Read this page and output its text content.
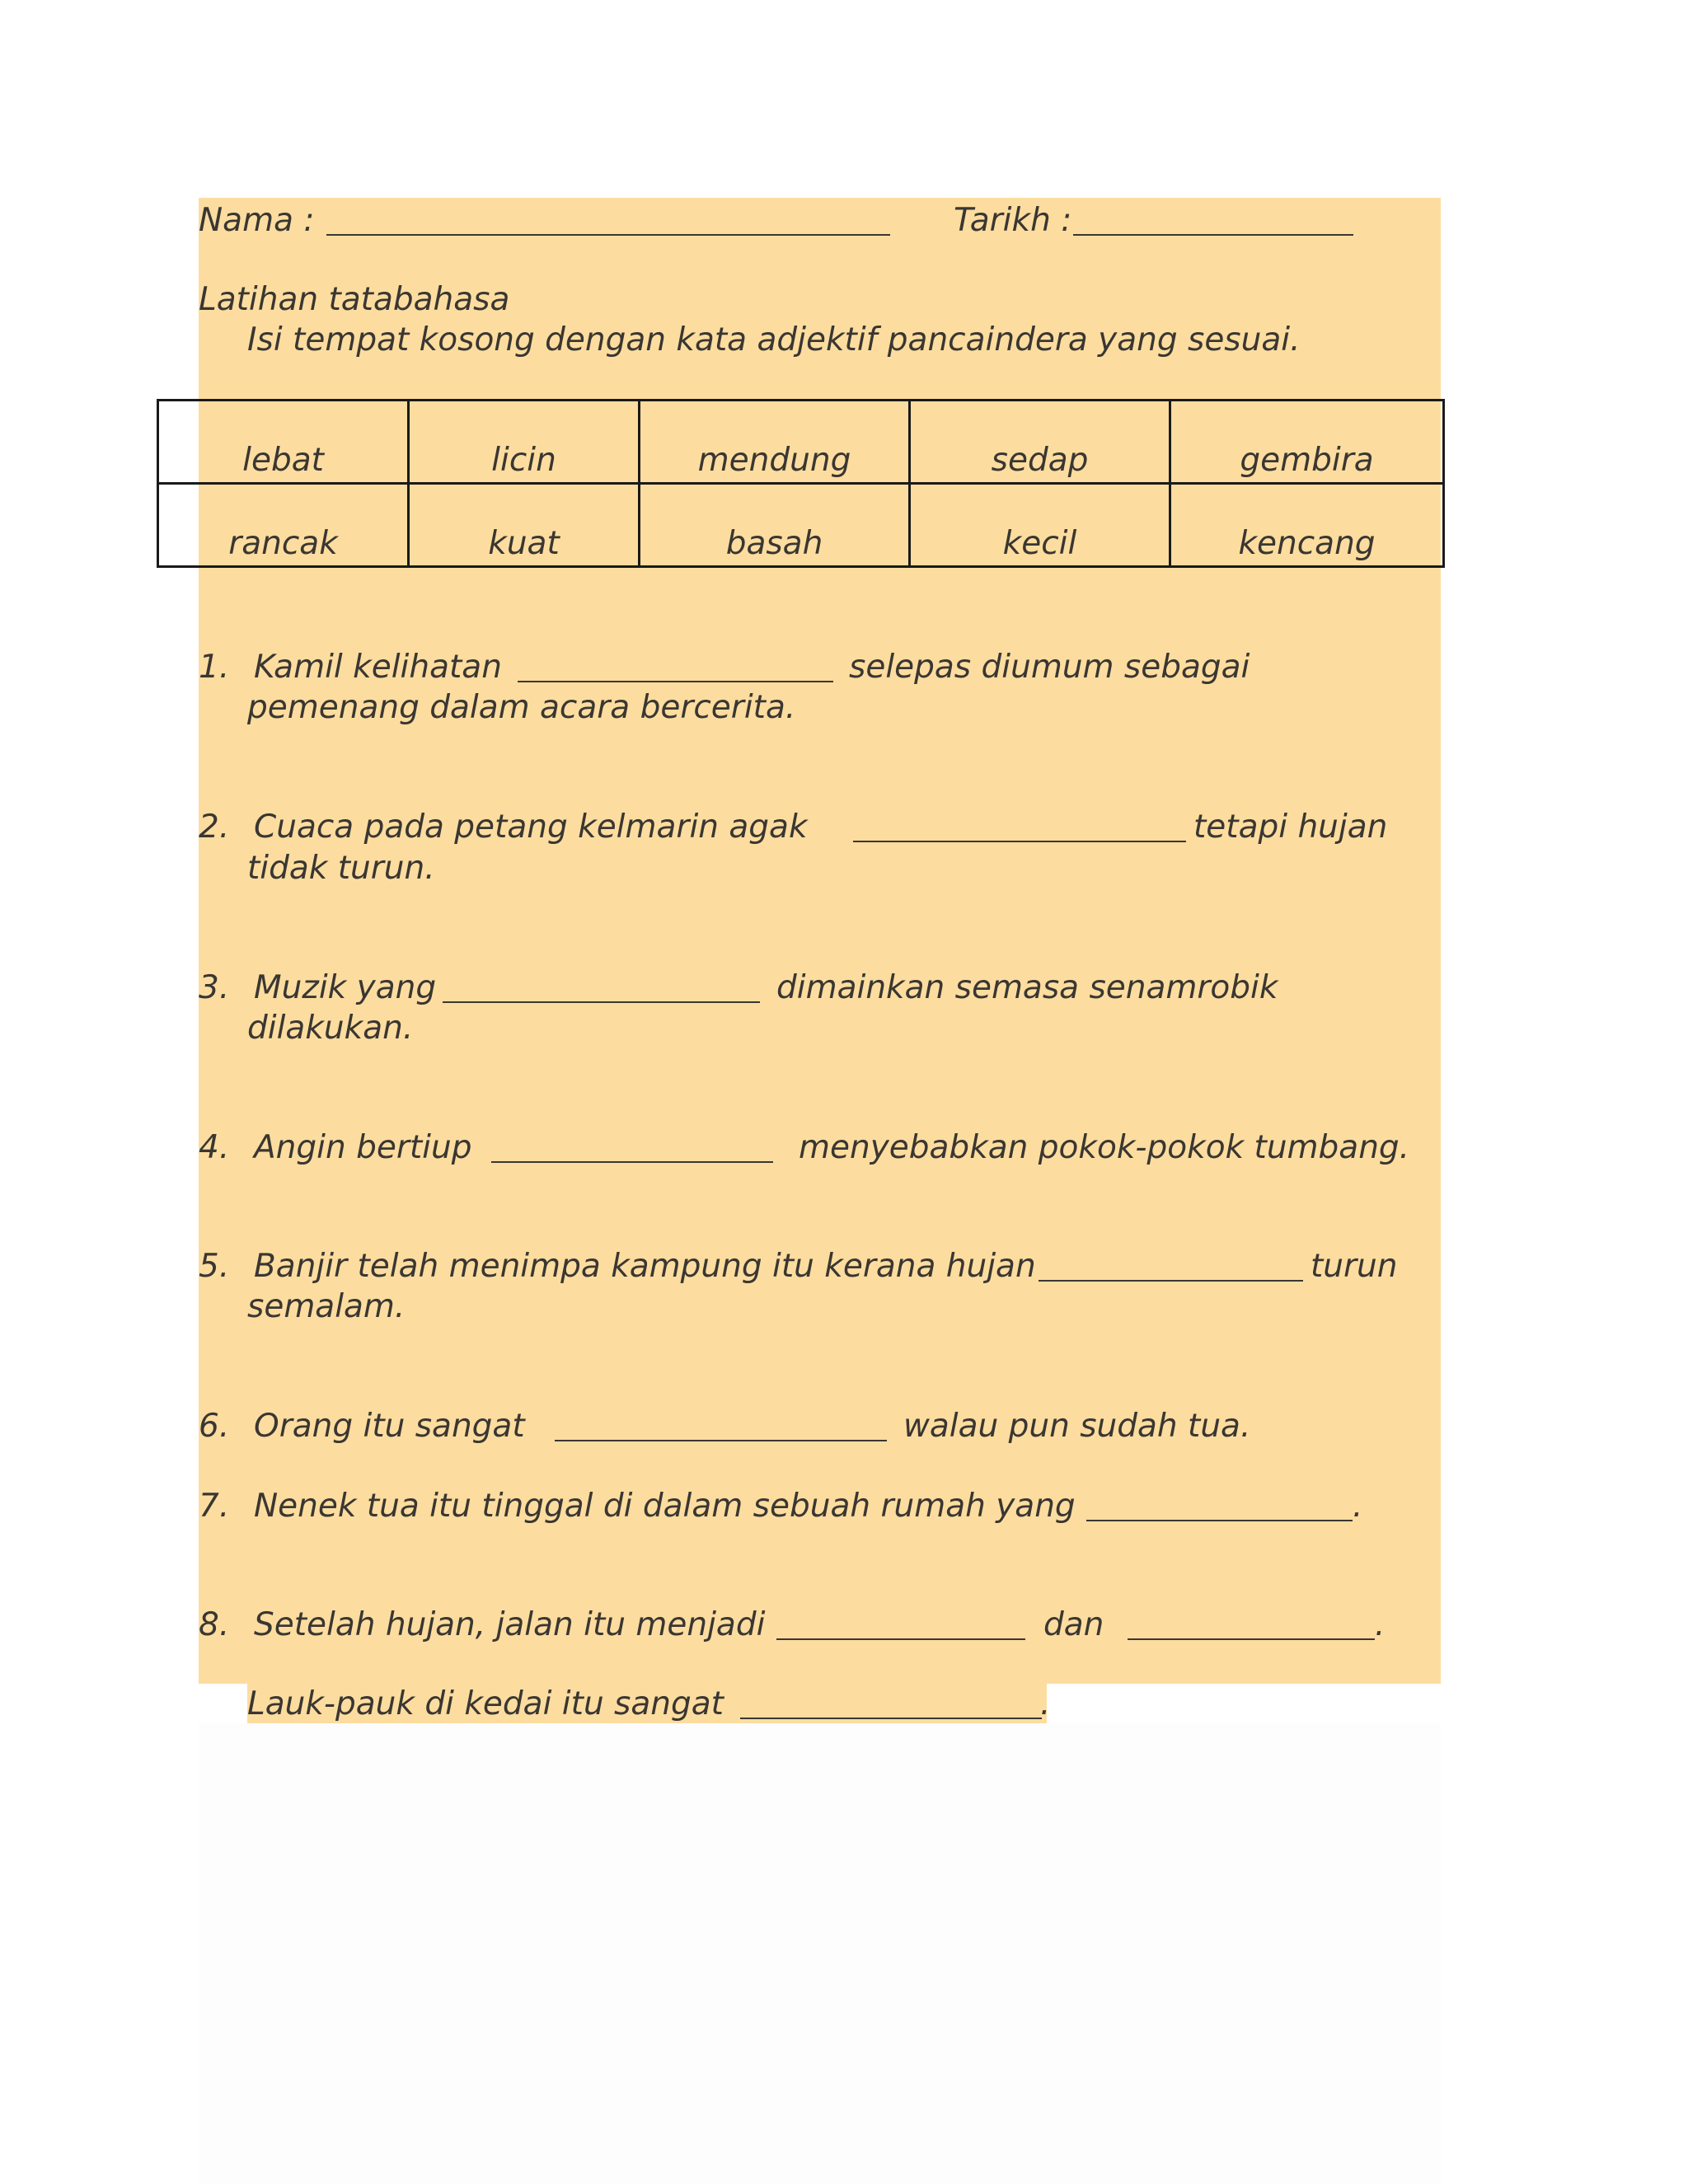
Nama :	Tarikh :
Latihan tatabahasa
Isi tempat kosong dengan kata adjektif pancaindera yang sesuai.
lebat	licin	mendung	sedap	gembira
rancak	kuat	basah	kecil	kencang
1. Kamil kelihatan	selepas diumum sebagai
pemenang dalam acara bercerita.
2. Cuaca pada petang kelmarin agak	tetapi hujan
tidak turun.
3. Muzik yang	dimainkan semasa senamrobik
dilakukan.
4. Angin bertiup	menyebabkan pokok-pokok tumbang.
5. Banjir telah menimpa kampung itu kerana hujan	turun
semalam.
6. Orang itu sangat	walau pun sudah tua.
7. Nenek tua itu tinggal di dalam sebuah rumah yang	.
8. Setelah hujan, jalan itu menjadi	dan	.
Lauk-pauk di kedai itu sangat	.
